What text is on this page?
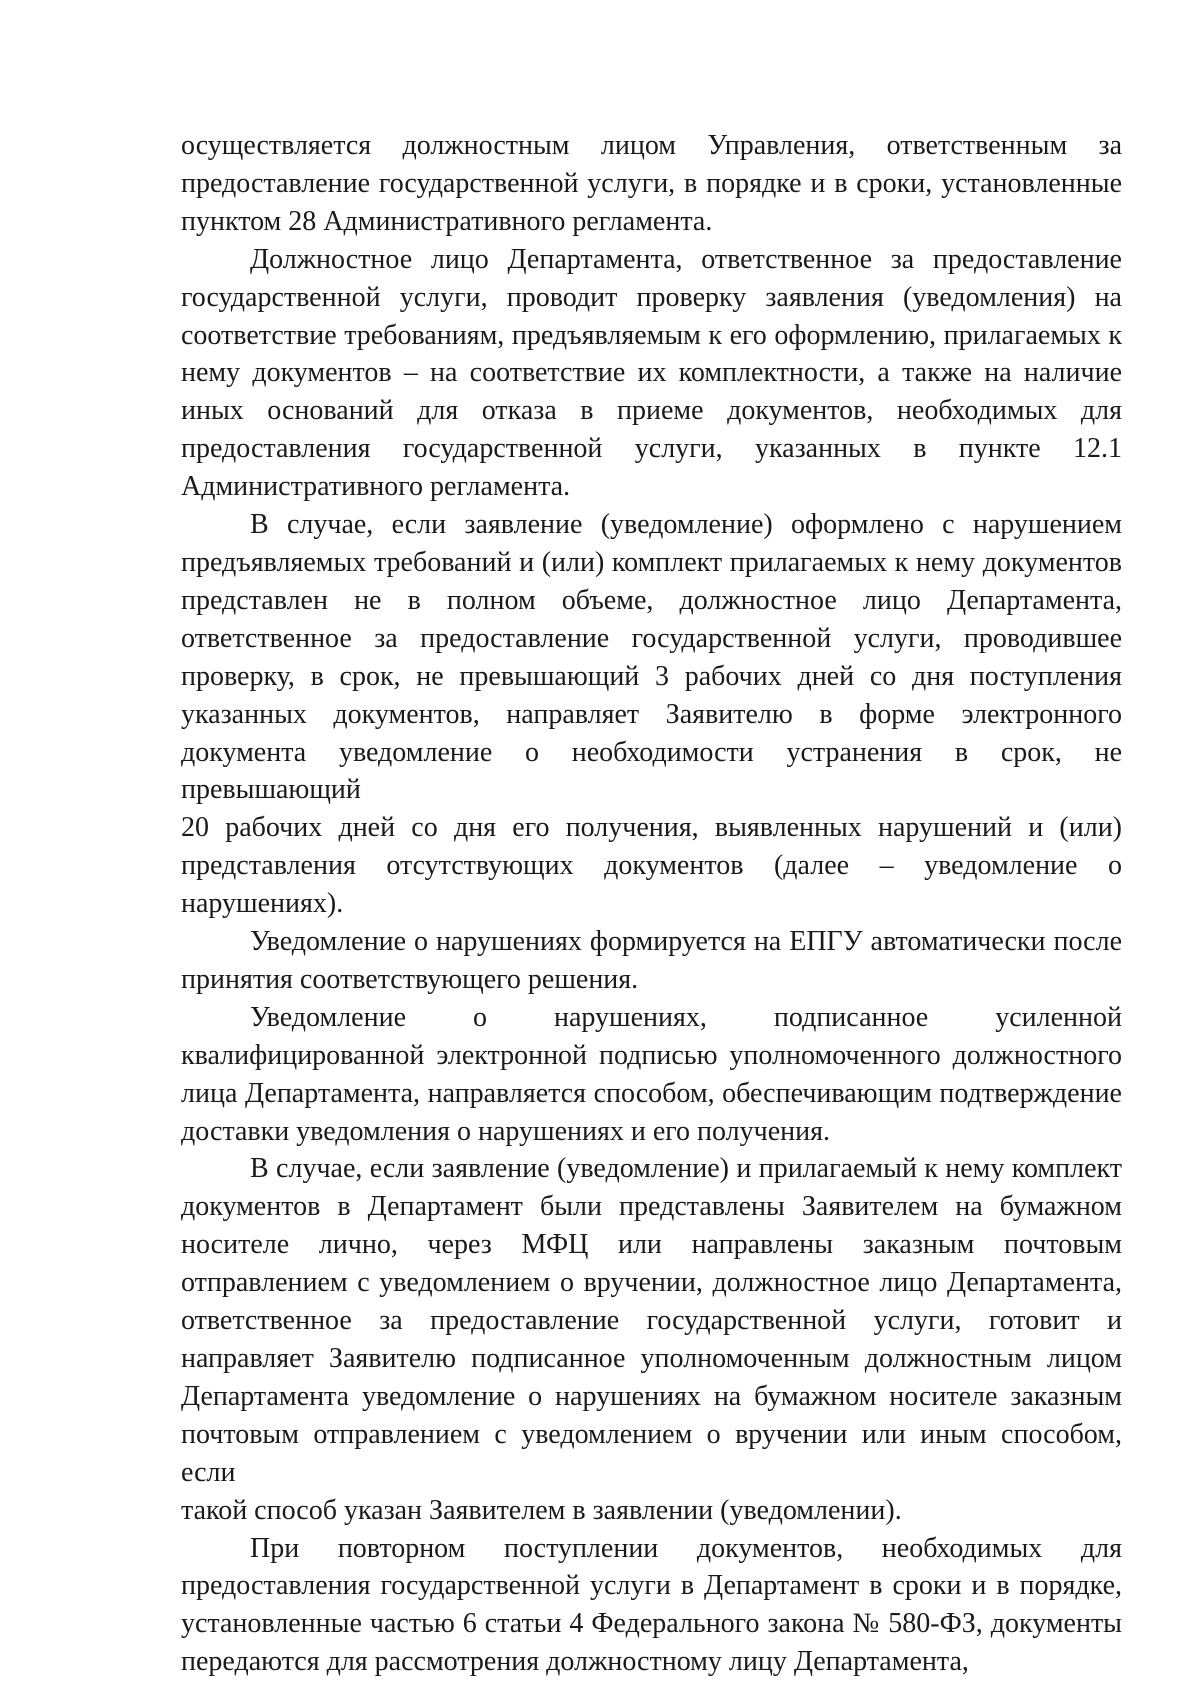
осуществляется должностным лицом Управления, ответственным за
предоставление государственной услуги, в порядке и в сроки, установленные
пунктом 28 Административного регламента.

Должностное лицо Департамента, ответственное за предоставление
государственной услуги, проводит проверку заявления (уведомления) на
соответствие требованиям, предъявляемым к его оформлению, прилагаемых к
нему документов – на соответствие их комплектности, а также на наличие
иных оснований для отказа в приеме документов, необходимых для
предоставления государственной услуги, указанных в пункте 12.1
Административного регламента.

В случае, если заявление (уведомление) оформлено с нарушением
предъявляемых требований и (или) комплект прилагаемых к нему документов
представлен не в полном объеме, должностное лицо Департамента,
ответственное за предоставление государственной услуги, проводившее
проверку, в срок, не превышающий 3 рабочих дней со дня поступления
указанных документов, направляет Заявителю в форме электронного
документа уведомление о необходимости устранения в срок, не превышающий
20 рабочих дней со дня его получения, выявленных нарушений и (или)
представления отсутствующих документов (далее – уведомление о
нарушениях).

Уведомление о нарушениях формируется на ЕПГУ автоматически после
принятия соответствующего решения.

Уведомление о нарушениях, подписанное усиленной
квалифицированной электронной подписью уполномоченного должностного
лица Департамента, направляется способом, обеспечивающим подтверждение
доставки уведомления о нарушениях и его получения.

В случае, если заявление (уведомление) и прилагаемый к нему комплект
документов в Департамент были представлены Заявителем на бумажном
носителе лично, через МФЦ или направлены заказным почтовым
отправлением с уведомлением о вручении, должностное лицо Департамента,
ответственное за предоставление государственной услуги, готовит и
направляет Заявителю подписанное уполномоченным должностным лицом
Департамента уведомление о нарушениях на бумажном носителе заказным
почтовым отправлением с уведомлением о вручении или иным способом, если
такой способ указан Заявителем в заявлении (уведомлении).

При повторном поступлении документов, необходимых для
предоставления государственной услуги в Департамент в сроки и в порядке,
установленные частью 6 статьи 4 Федерального закона № 580-ФЗ, документы
передаются для рассмотрения должностному лицу Департамента,
